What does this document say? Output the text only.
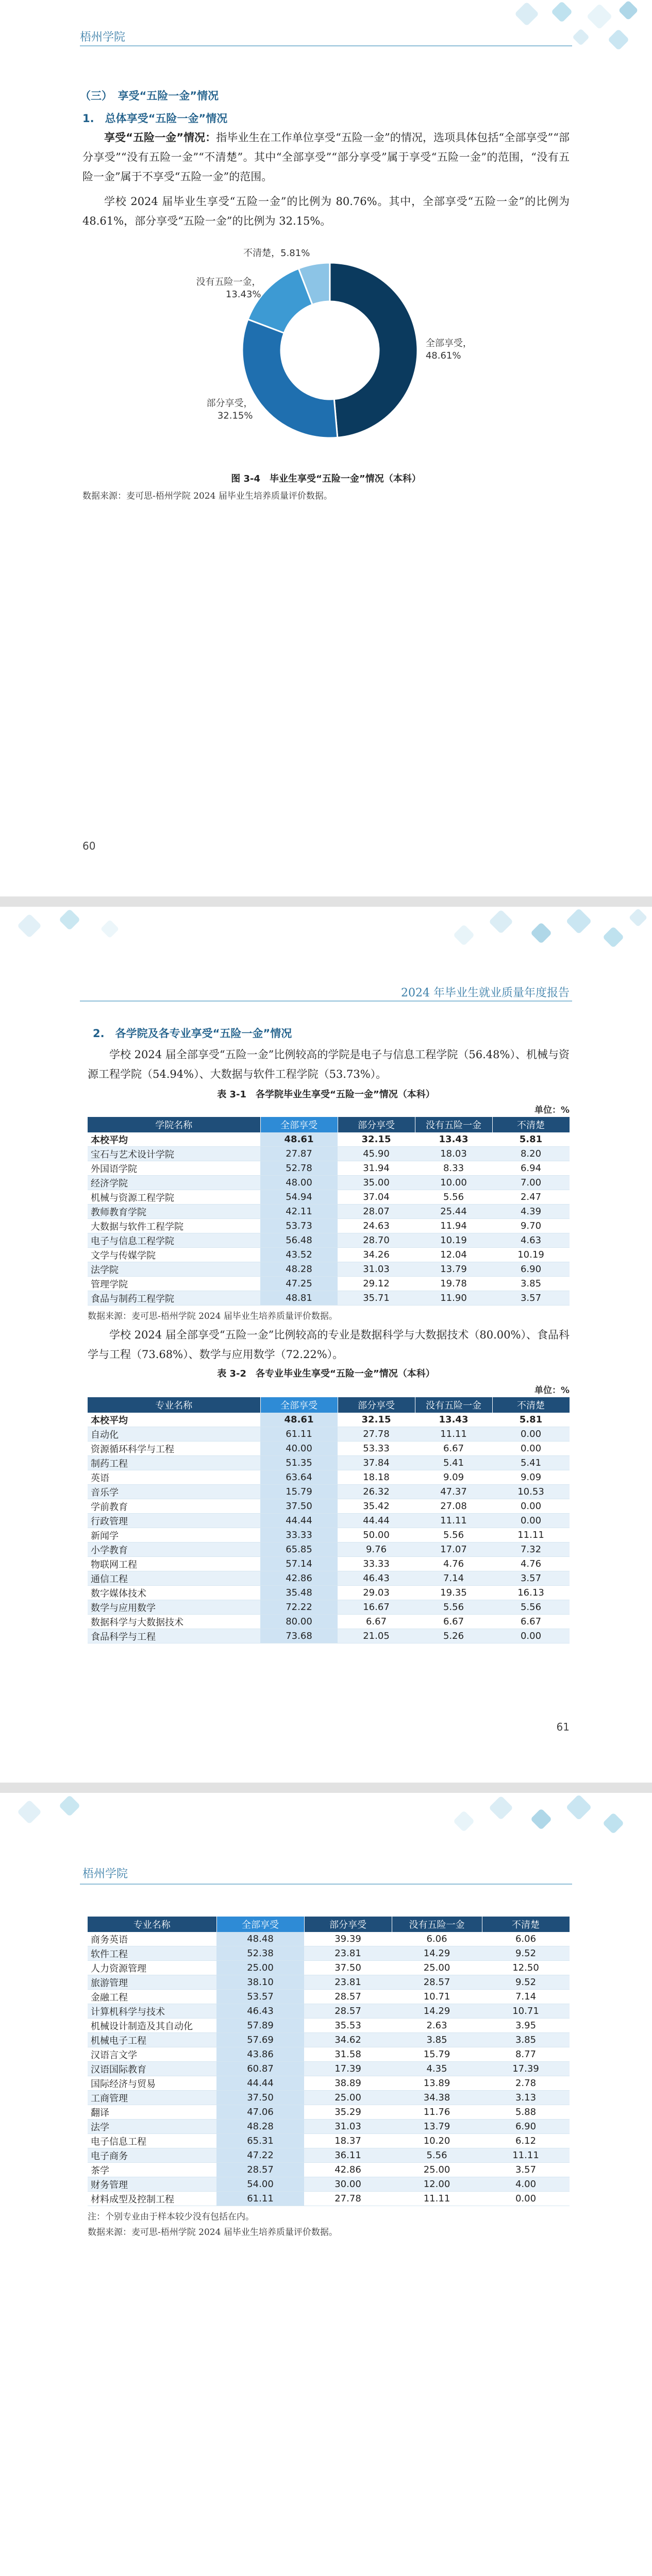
梧州学院
（三）　享受“五险一金”情况
1.　总体享受“五险一金”情况
享受“五险一金”情况：指毕业生在工作单位享受“五险一金”的情况，选项具体包括“全部享受”“部分享受”“没有五险一金”“不清楚”。其中“全部享受”“部分享受”属于享受“五险一金”的范围，“没有五险一金”属于不享受“五险一金”的范围。
学校 2024 届毕业生享受“五险一金”的比例为 80.76%。其中，全部享受“五险一金”的比例为 48.61%，部分享受“五险一金”的比例为 32.15%。
全部享受， 48.61%
部分享受， 32.15%
没有五险一金， 13.43%
不清楚，5.81%
图 3-4　毕业生享受“五险一金”情况（本科）
数据来源：麦可思-梧州学院 2024 届毕业生培养质量评价数据。
60
2024 年毕业生就业质量年度报告
2.　各学院及各专业享受“五险一金”情况
学校 2024 届全部享受“五险一金”比例较高的学院是电子与信息工程学院（56.48%）、机械与资源工程学院（54.94%）、大数据与软件工程学院（53.73%）。
表 3-1　各学院毕业生享受“五险一金”情况（本科）
单位：%
学院名称	全部享受	部分享受	没有五险一金	不清楚
本校平均	48.61	32.15	13.43	5.81
宝石与艺术设计学院	27.87	45.90	18.03	8.20
外国语学院	52.78	31.94	8.33	6.94
经济学院	48.00	35.00	10.00	7.00
机械与资源工程学院	54.94	37.04	5.56	2.47
教师教育学院	42.11	28.07	25.44	4.39
大数据与软件工程学院	53.73	24.63	11.94	9.70
电子与信息工程学院	56.48	28.70	10.19	4.63
文学与传媒学院	43.52	34.26	12.04	10.19
法学院	48.28	31.03	13.79	6.90
管理学院	47.25	29.12	19.78	3.85
食品与制药工程学院	48.81	35.71	11.90	3.57
数据来源：麦可思-梧州学院 2024 届毕业生培养质量评价数据。
学校 2024 届全部享受“五险一金”比例较高的专业是数据科学与大数据技术（80.00%）、食品科学与工程（73.68%）、数学与应用数学（72.22%）。
表 3-2　各专业毕业生享受“五险一金”情况（本科）
单位：%
专业名称	全部享受	部分享受	没有五险一金	不清楚
本校平均	48.61	32.15	13.43	5.81
自动化	61.11	27.78	11.11	0.00
资源循环科学与工程	40.00	53.33	6.67	0.00
制药工程	51.35	37.84	5.41	5.41
英语	63.64	18.18	9.09	9.09
音乐学	15.79	26.32	47.37	10.53
学前教育	37.50	35.42	27.08	0.00
行政管理	44.44	44.44	11.11	0.00
新闻学	33.33	50.00	5.56	11.11
小学教育	65.85	9.76	17.07	7.32
物联网工程	57.14	33.33	4.76	4.76
通信工程	42.86	46.43	7.14	3.57
数字媒体技术	35.48	29.03	19.35	16.13
数学与应用数学	72.22	16.67	5.56	5.56
数据科学与大数据技术	80.00	6.67	6.67	6.67
食品科学与工程	73.68	21.05	5.26	0.00
61
梧州学院
专业名称	全部享受	部分享受	没有五险一金	不清楚
商务英语	48.48	39.39	6.06	6.06
软件工程	52.38	23.81	14.29	9.52
人力资源管理	25.00	37.50	25.00	12.50
旅游管理	38.10	23.81	28.57	9.52
金融工程	53.57	28.57	10.71	7.14
计算机科学与技术	46.43	28.57	14.29	10.71
机械设计制造及其自动化	57.89	35.53	2.63	3.95
机械电子工程	57.69	34.62	3.85	3.85
汉语言文学	43.86	31.58	15.79	8.77
汉语国际教育	60.87	17.39	4.35	17.39
国际经济与贸易	44.44	38.89	13.89	2.78
工商管理	37.50	25.00	34.38	3.13
翻译	47.06	35.29	11.76	5.88
法学	48.28	31.03	13.79	6.90
电子信息工程	65.31	18.37	10.20	6.12
电子商务	47.22	36.11	5.56	11.11
茶学	28.57	42.86	25.00	3.57
财务管理	54.00	30.00	12.00	4.00
材料成型及控制工程	61.11	27.78	11.11	0.00
注：个别专业由于样本较少没有包括在内。
数据来源：麦可思-梧州学院 2024 届毕业生培养质量评价数据。
